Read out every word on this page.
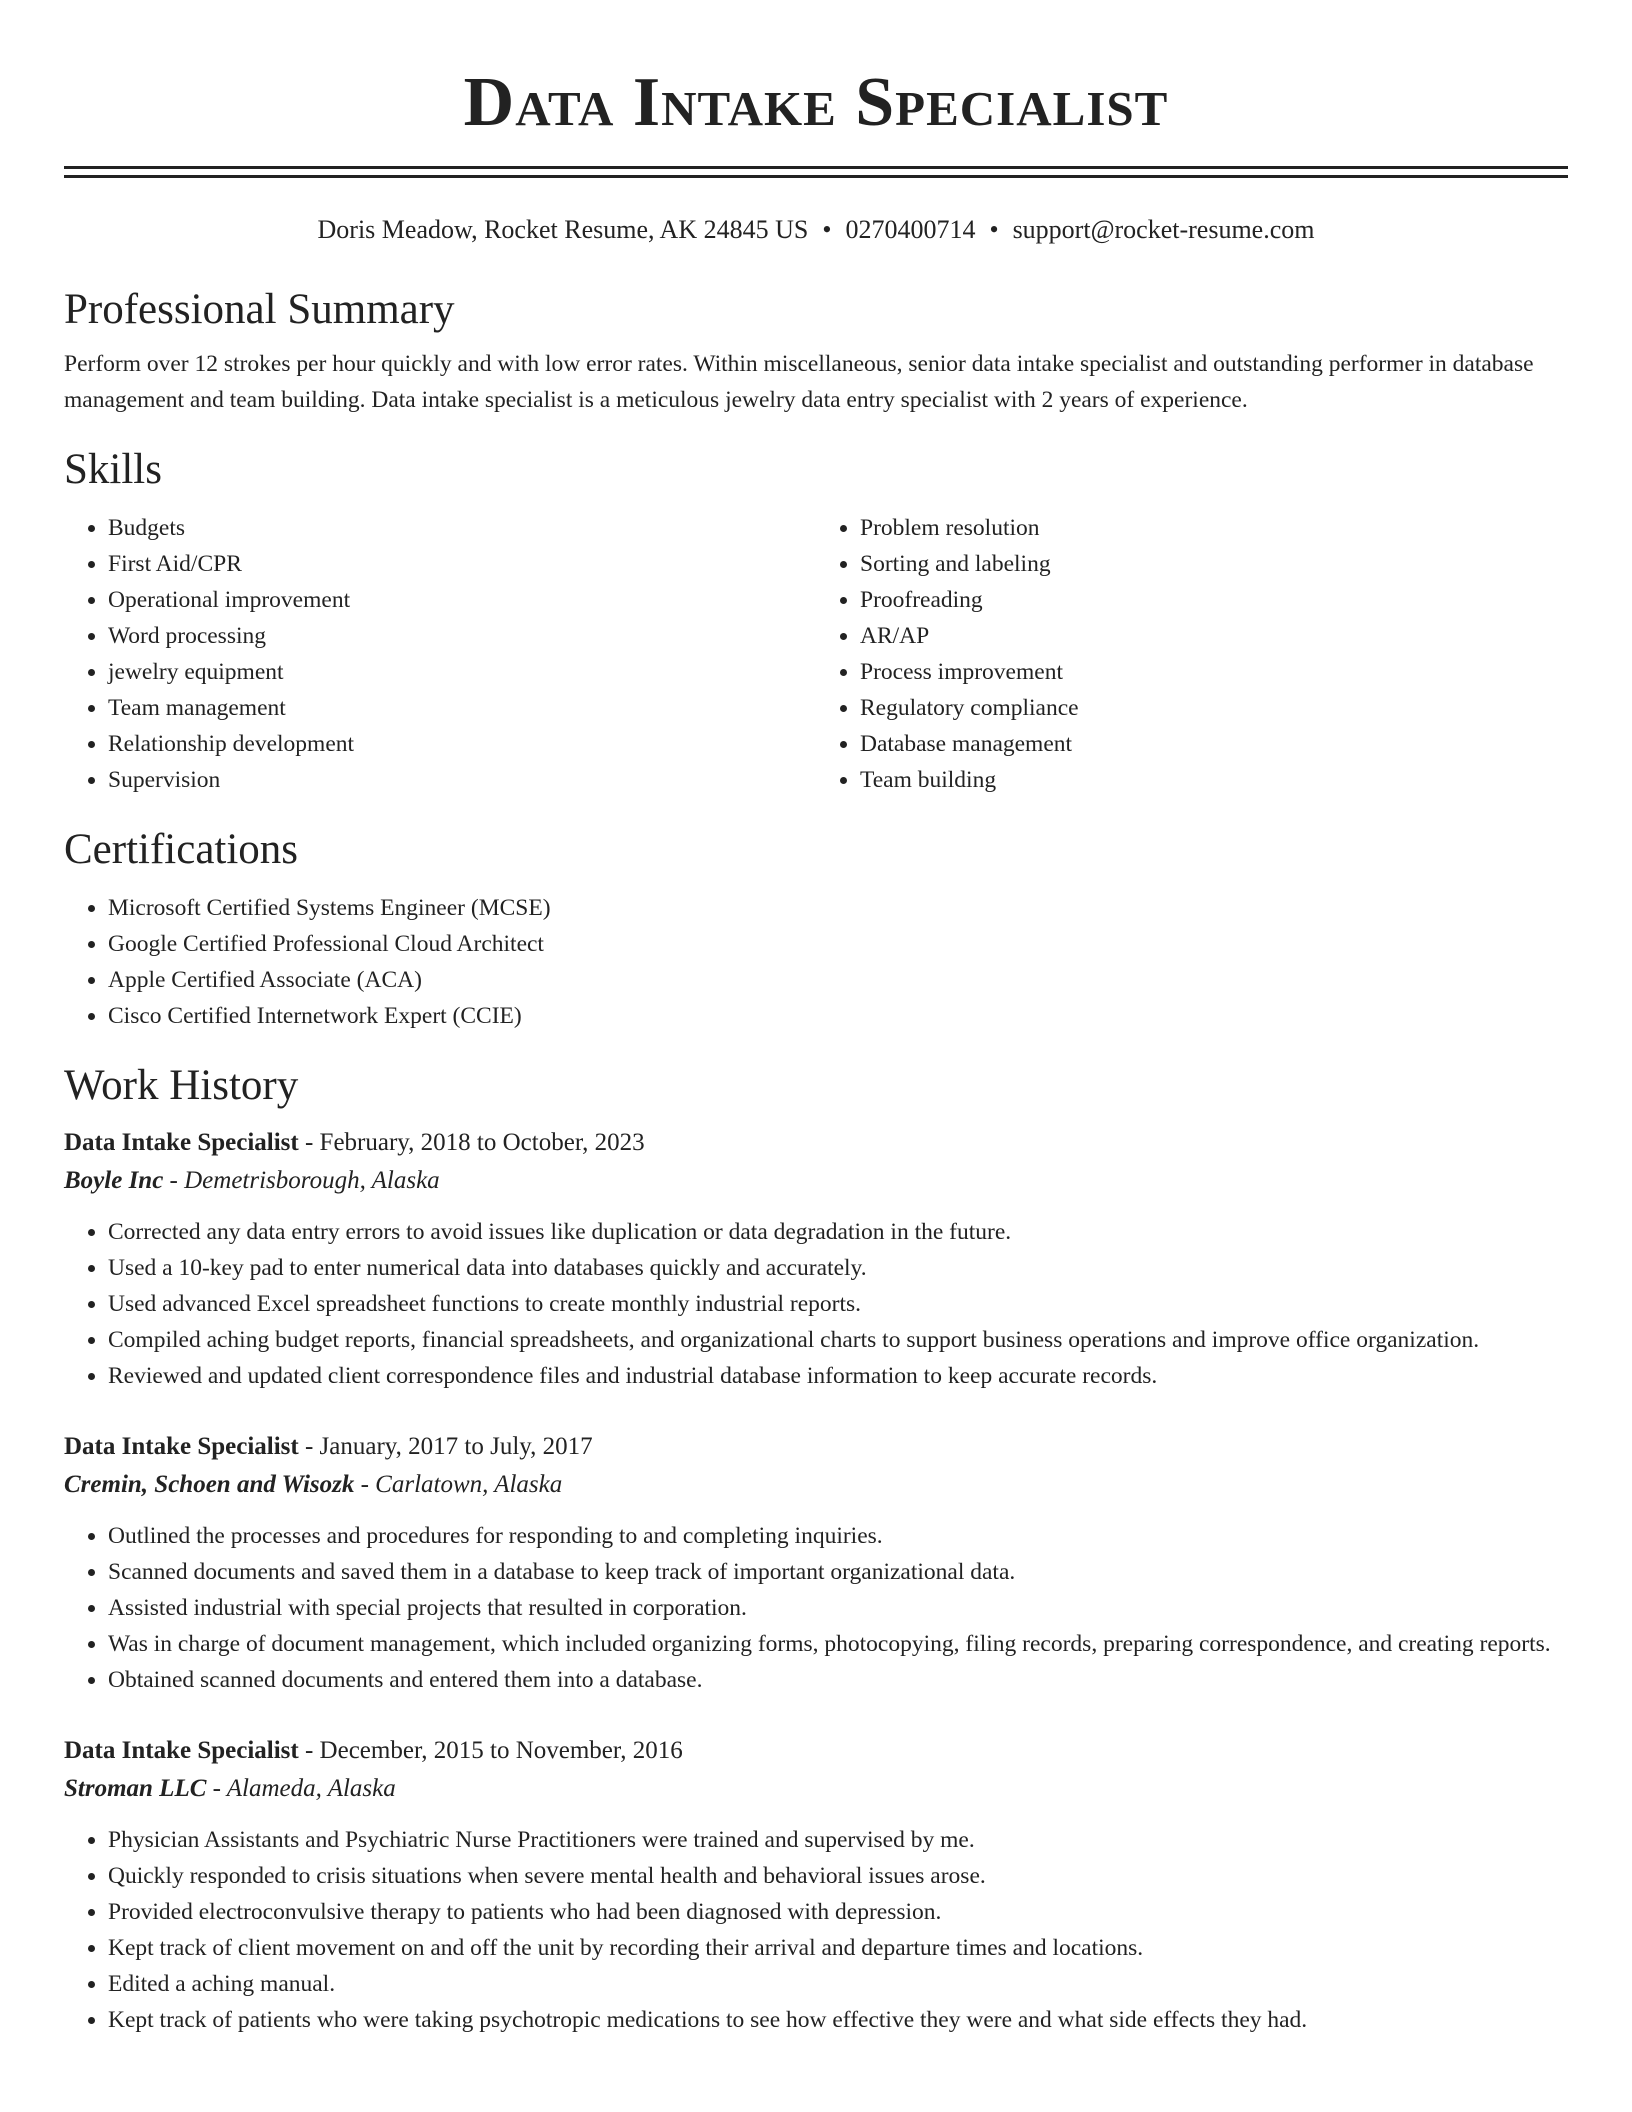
Data Intake Specialist
Doris Meadow, Rocket Resume, AK 24845 US • 0270400714 • support@rocket-resume.com
Professional Summary

Perform over 12 strokes per hour quickly and with low error rates. Within miscellaneous, senior data intake specialist and outstanding performer in database management and team building. Data intake specialist is a meticulous jewelry data entry specialist with 2 years of experience.

Skills
• Budgets
• First Aid/CPR
• Operational improvement
• Word processing
• jewelry equipment
• Team management
• Relationship development
• Supervision
• Problem resolution
• Sorting and labeling
• Proofreading
• AR/AP
• Process improvement
• Regulatory compliance
• Database management
• Team building
Certifications
• Microsoft Certified Systems Engineer (MCSE)
• Google Certified Professional Cloud Architect
• Apple Certified Associate (ACA)
• Cisco Certified Internetwork Expert (CCIE)
Work History
Data Intake Specialist - February, 2018 to October, 2023
Boyle Inc - Demetrisborough, Alaska
• Corrected any data entry errors to avoid issues like duplication or data degradation in the future.
• Used a 10-key pad to enter numerical data into databases quickly and accurately.
• Used advanced Excel spreadsheet functions to create monthly industrial reports.
• Compiled aching budget reports, financial spreadsheets, and organizational charts to support business operations and improve office organization.
• Reviewed and updated client correspondence files and industrial database information to keep accurate records.
Data Intake Specialist - January, 2017 to July, 2017
Cremin, Schoen and Wisozk - Carlatown, Alaska
• Outlined the processes and procedures for responding to and completing inquiries.
• Scanned documents and saved them in a database to keep track of important organizational data.
• Assisted industrial with special projects that resulted in corporation.
• Was in charge of document management, which included organizing forms, photocopying, filing records, preparing correspondence, and creating reports.
• Obtained scanned documents and entered them into a database.
Data Intake Specialist - December, 2015 to November, 2016
Stroman LLC - Alameda, Alaska
• Physician Assistants and Psychiatric Nurse Practitioners were trained and supervised by me.
• Quickly responded to crisis situations when severe mental health and behavioral issues arose.
• Provided electroconvulsive therapy to patients who had been diagnosed with depression.
• Kept track of client movement on and off the unit by recording their arrival and departure times and locations.
• Edited a aching manual.
• Kept track of patients who were taking psychotropic medications to see how effective they were and what side effects they had.
